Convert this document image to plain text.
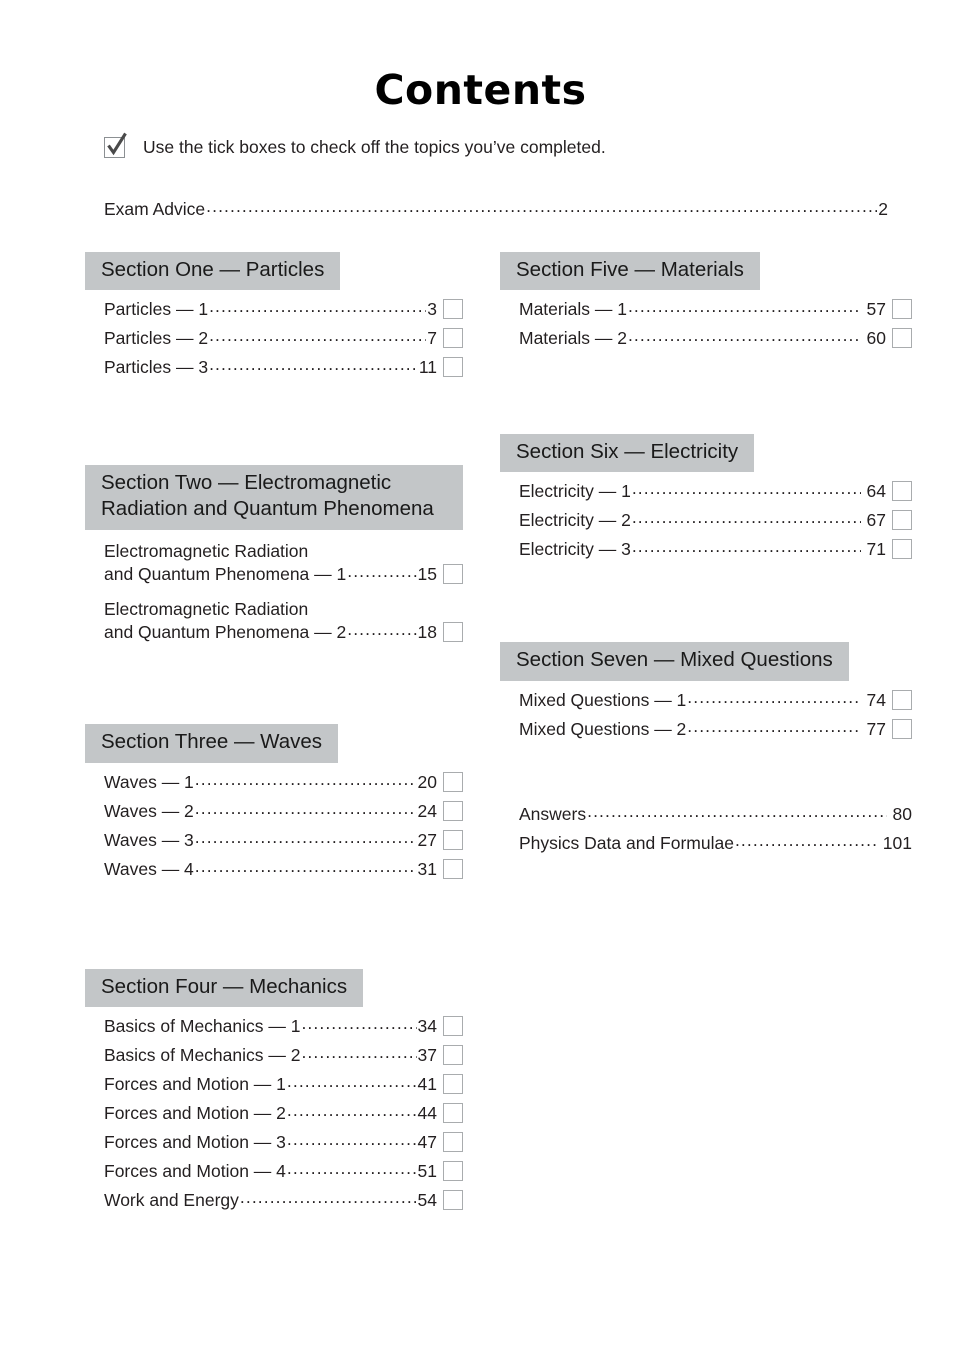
Contents
Use the tick boxes to check off the topics you’ve completed.
Exam Advice .....	2
Section One — Particles
Particles — 1 .....	3
Particles — 2 .....	7
Particles — 3 .....	11
Section Two — Electromagnetic
Radiation and Quantum Phenomena
Electromagnetic Radiation
and Quantum Phenomena — 1 .....	15
Electromagnetic Radiation
and Quantum Phenomena — 2 .....	18
Section Three — Waves
Waves — 1 .....	20
Waves — 2 .....	24
Waves — 3 .....	27
Waves — 4 .....	31
Section Four — Mechanics
Basics of Mechanics — 1 .....	34
Basics of Mechanics — 2 .....	37
Forces and Motion — 1 .....	41
Forces and Motion — 2 .....	44
Forces and Motion — 3 .....	47
Forces and Motion — 4 .....	51
Work and Energy .....	54
Section Five — Materials
Materials — 1 .....	57
Materials — 2 .....	60
Section Six — Electricity
Electricity — 1 .....	64
Electricity — 2 .....	67
Electricity — 3 .....	71
Section Seven — Mixed Questions
Mixed Questions — 1 .....	74
Mixed Questions — 2 .....	77
Answers .....	80
Physics Data and Formulae .....	101
